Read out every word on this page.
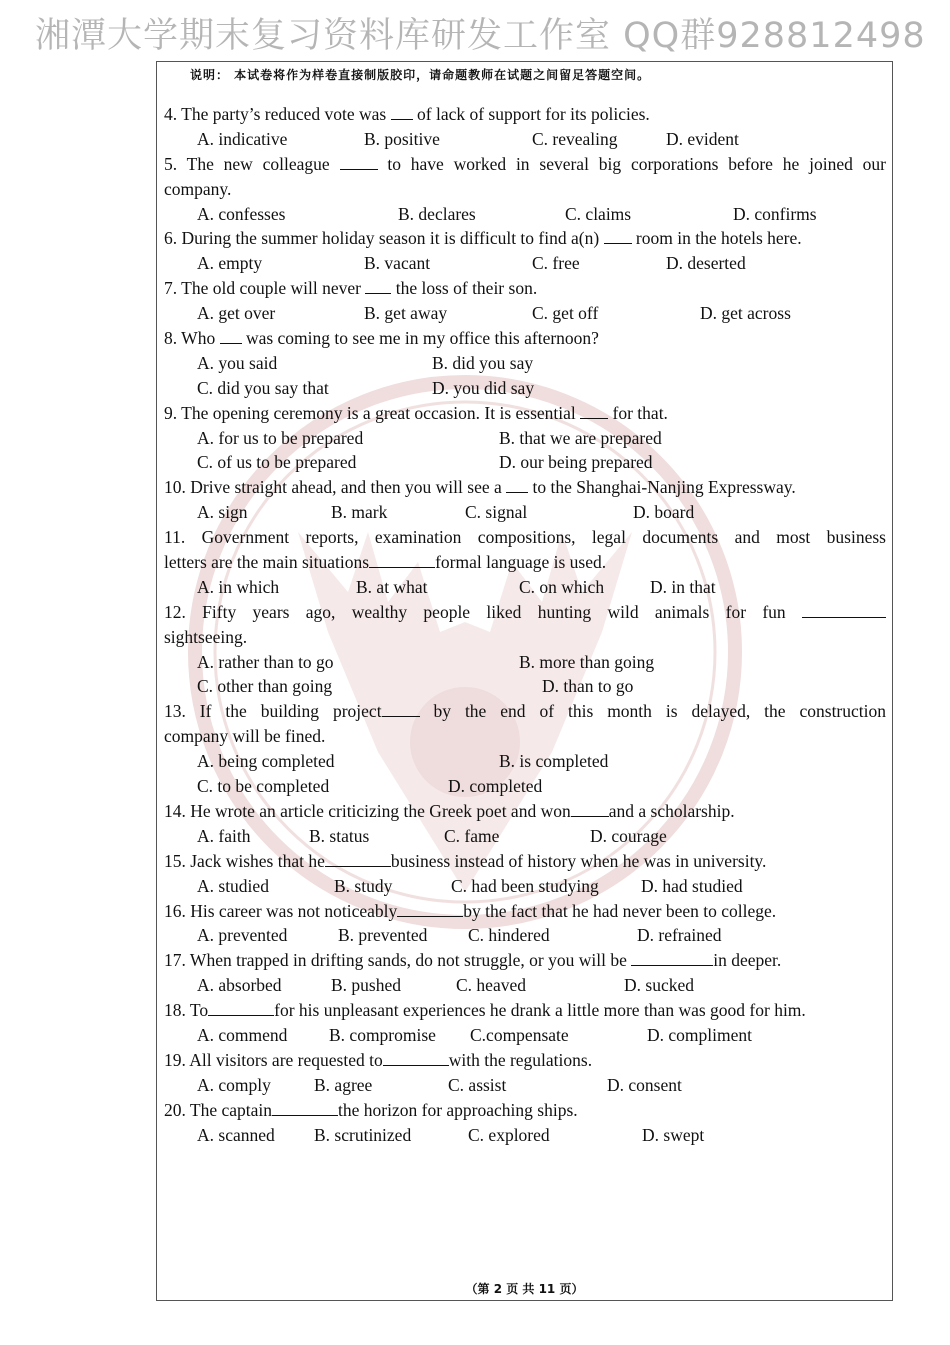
湘潭大学期末复习资料库研发工作室 QQ群928812498
说明： 本试卷将作为样卷直接制版胶印，请命题教师在试题之间留足答题空间。
4. The party’s reduced vote was of lack of support for its policies.
A. indicative	B. positive	C. revealing	D. evident
5. The new colleague	to have worked in several big corporations before he joined our
company.
A. confesses	B. declares	C. claims	D. confirms
6. During the summer holiday season it is difficult to find a(n) room in the hotels here.
A. empty	B. vacant	C. free	D. deserted
7. The old couple will never the loss of their son.
A. get over	B. get away	C. get off	D. get across
8. Who was coming to see me in my office this afternoon?
A. you said	B. did you say
C. did you say that	D. you did say
9. The opening ceremony is a great occasion. It is essential for that.
A. for us to be prepared	B. that we are prepared
C. of us to be prepared	D. our being prepared
10. Drive straight ahead, and then you will see a to the Shanghai-Nanjing Expressway.
A. sign	B. mark	C. signal	D. board
11. Government reports, examination compositions, legal documents and most business
letters are the main situations	formal language is used.
A. in which	B. at what	C. on which	D. in that
12. Fifty years ago, wealthy people liked hunting wild animals for fun
sightseeing.
A. rather than to go	B. more than going
C. other than going	D. than to go
13. If the building project	by the end of this month is delayed, the construction
company will be fined.
A. being completed	B. is completed
C. to be completed	D. completed
14. He wrote an article criticizing the Greek poet and won and a scholarship.
A. faith	B. status	C. fame	D. courage
15. Jack wishes that he	business instead of history when he was in university.
A. studied	B. study	C. had been studying D. had studied
16. His career was not noticeably	by the fact that he had never been to college.
A. prevented	B. prevented C. hindered	D. refrained
17. When trapped in drifting sands, do not struggle, or you will be	in deeper.
A. absorbed	B. pushed	C. heaved	D. sucked
18. To	for his unpleasant experiences he drank a little more than was good for him.
A. commend B. compromise C.compensate	D. compliment
19. All visitors are requested to	with the regulations.
A. comply B. agree	C. assist	D. consent
20. The captain	the horizon for approaching ships.
A. scanned B. scrutinized	C. explored	D. swept
（第 2 页 共 11 页）
